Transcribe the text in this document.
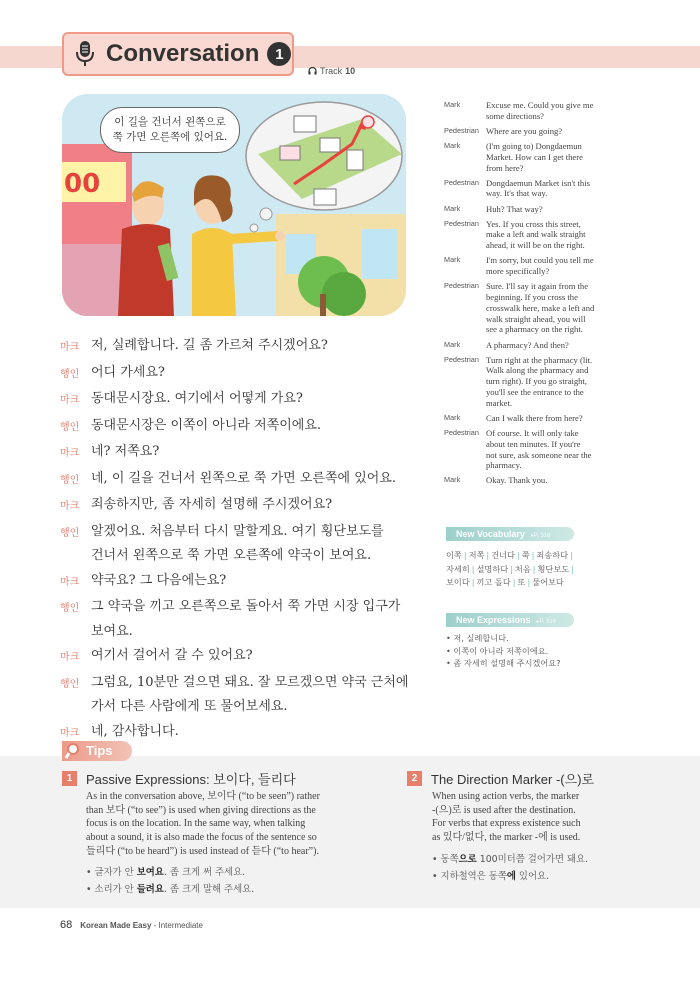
Conversation	1
Track 10
00
이 길을 건너서 왼쪽으로
쭉 가면 오른쪽에 있어요.
마크 저, 실례합니다. 길 좀 가르쳐 주시겠어요?
행인 어디 가세요?
마크 동대문시장요. 여기에서 어떻게 가요?
행인 동대문시장은 이쪽이 아니라 저쪽이에요.
마크 네? 저쪽요?
행인 네, 이 길을 건너서 왼쪽으로 쭉 가면 오른쪽에 있어요.
마크 죄송하지만, 좀 자세히 설명해 주시겠어요?
행인 알겠어요. 처음부터 다시 말할게요. 여기 횡단보도를
건너서 왼쪽으로 쭉 가면 오른쪽에 약국이 보여요.
마크 약국요? 그 다음에는요?
행인 그 약국을 끼고 오른쪽으로 돌아서 쭉 가면 시장 입구가
보여요.
마크 여기서 걸어서 갈 수 있어요?
행인 그럼요, 10분만 걸으면 돼요. 잘 모르겠으면 약국 근처에
가서 다른 사람에게 또 물어보세요.
마크 네, 감사합니다.
Mark	Excuse me. Could you give me
some directions?
Pedestrian Where are you going?
Mark	(I'm going to) Dongdaemun
Market. How can I get there
from here?
Pedestrian Dongdaemun Market isn't this
way. It's that way.
Mark	Huh? That way?
Pedestrian Yes. If you cross this street,
make a left and walk straight
ahead, it will be on the right.
Mark	I'm sorry, but could you tell me
more specifically?
Pedestrian Sure. I'll say it again from the
beginning. If you cross the
crosswalk here, make a left and
walk straight ahead, you will
see a pharmacy on the right.
Mark	A pharmacy? And then?
Pedestrian Turn right at the pharmacy (lit.
Walk along the pharmacy and
turn right). If you go straight,
you'll see the entrance to the
market.
Mark	Can I walk there from here?
Pedestrian Of course. It will only take
about ten minutes. If you're
not sure, ask someone near the
pharmacy.
Mark	Okay. Thank you.
New Vocabulary ▸P. 316
이쪽 | 저쪽 | 건너다 | 쭉 | 죄송하다 |
자세히 | 설명하다 | 처음 | 횡단보도 |
보이다 | 끼고 돌다 | 또 | 물어보다
New Expressions ▸P. 316
• 저, 실례합니다.
• 이쪽이 아니라 저쪽이에요.
• 좀 자세히 설명해 주시겠어요?
Tips
1	Passive Expressions: 보이다, 들리다
As in the conversation above, 보이다 (“to be seen”) rather
than 보다 (“to see”) is used when giving directions as the
focus is on the location. In the same way, when talking
about a sound, it is also made the focus of the sentence so
들리다 (“to be heard”) is used instead of 듣다 (“to hear”).
• 글자가 안 보여요. 좀 크게 써 주세요.
• 소리가 안 들려요. 좀 크게 말해 주세요.
2	The Direction Marker -(으)로
When using action verbs, the marker
-(으)로 is used after the destination.
For verbs that express existence such
as 있다/없다, the marker -에 is used.
• 동쪽으로 100미터쯤 걸어가면 돼요.
• 지하철역은 동쪽에 있어요.
68 Korean Made Easy - Intermediate
